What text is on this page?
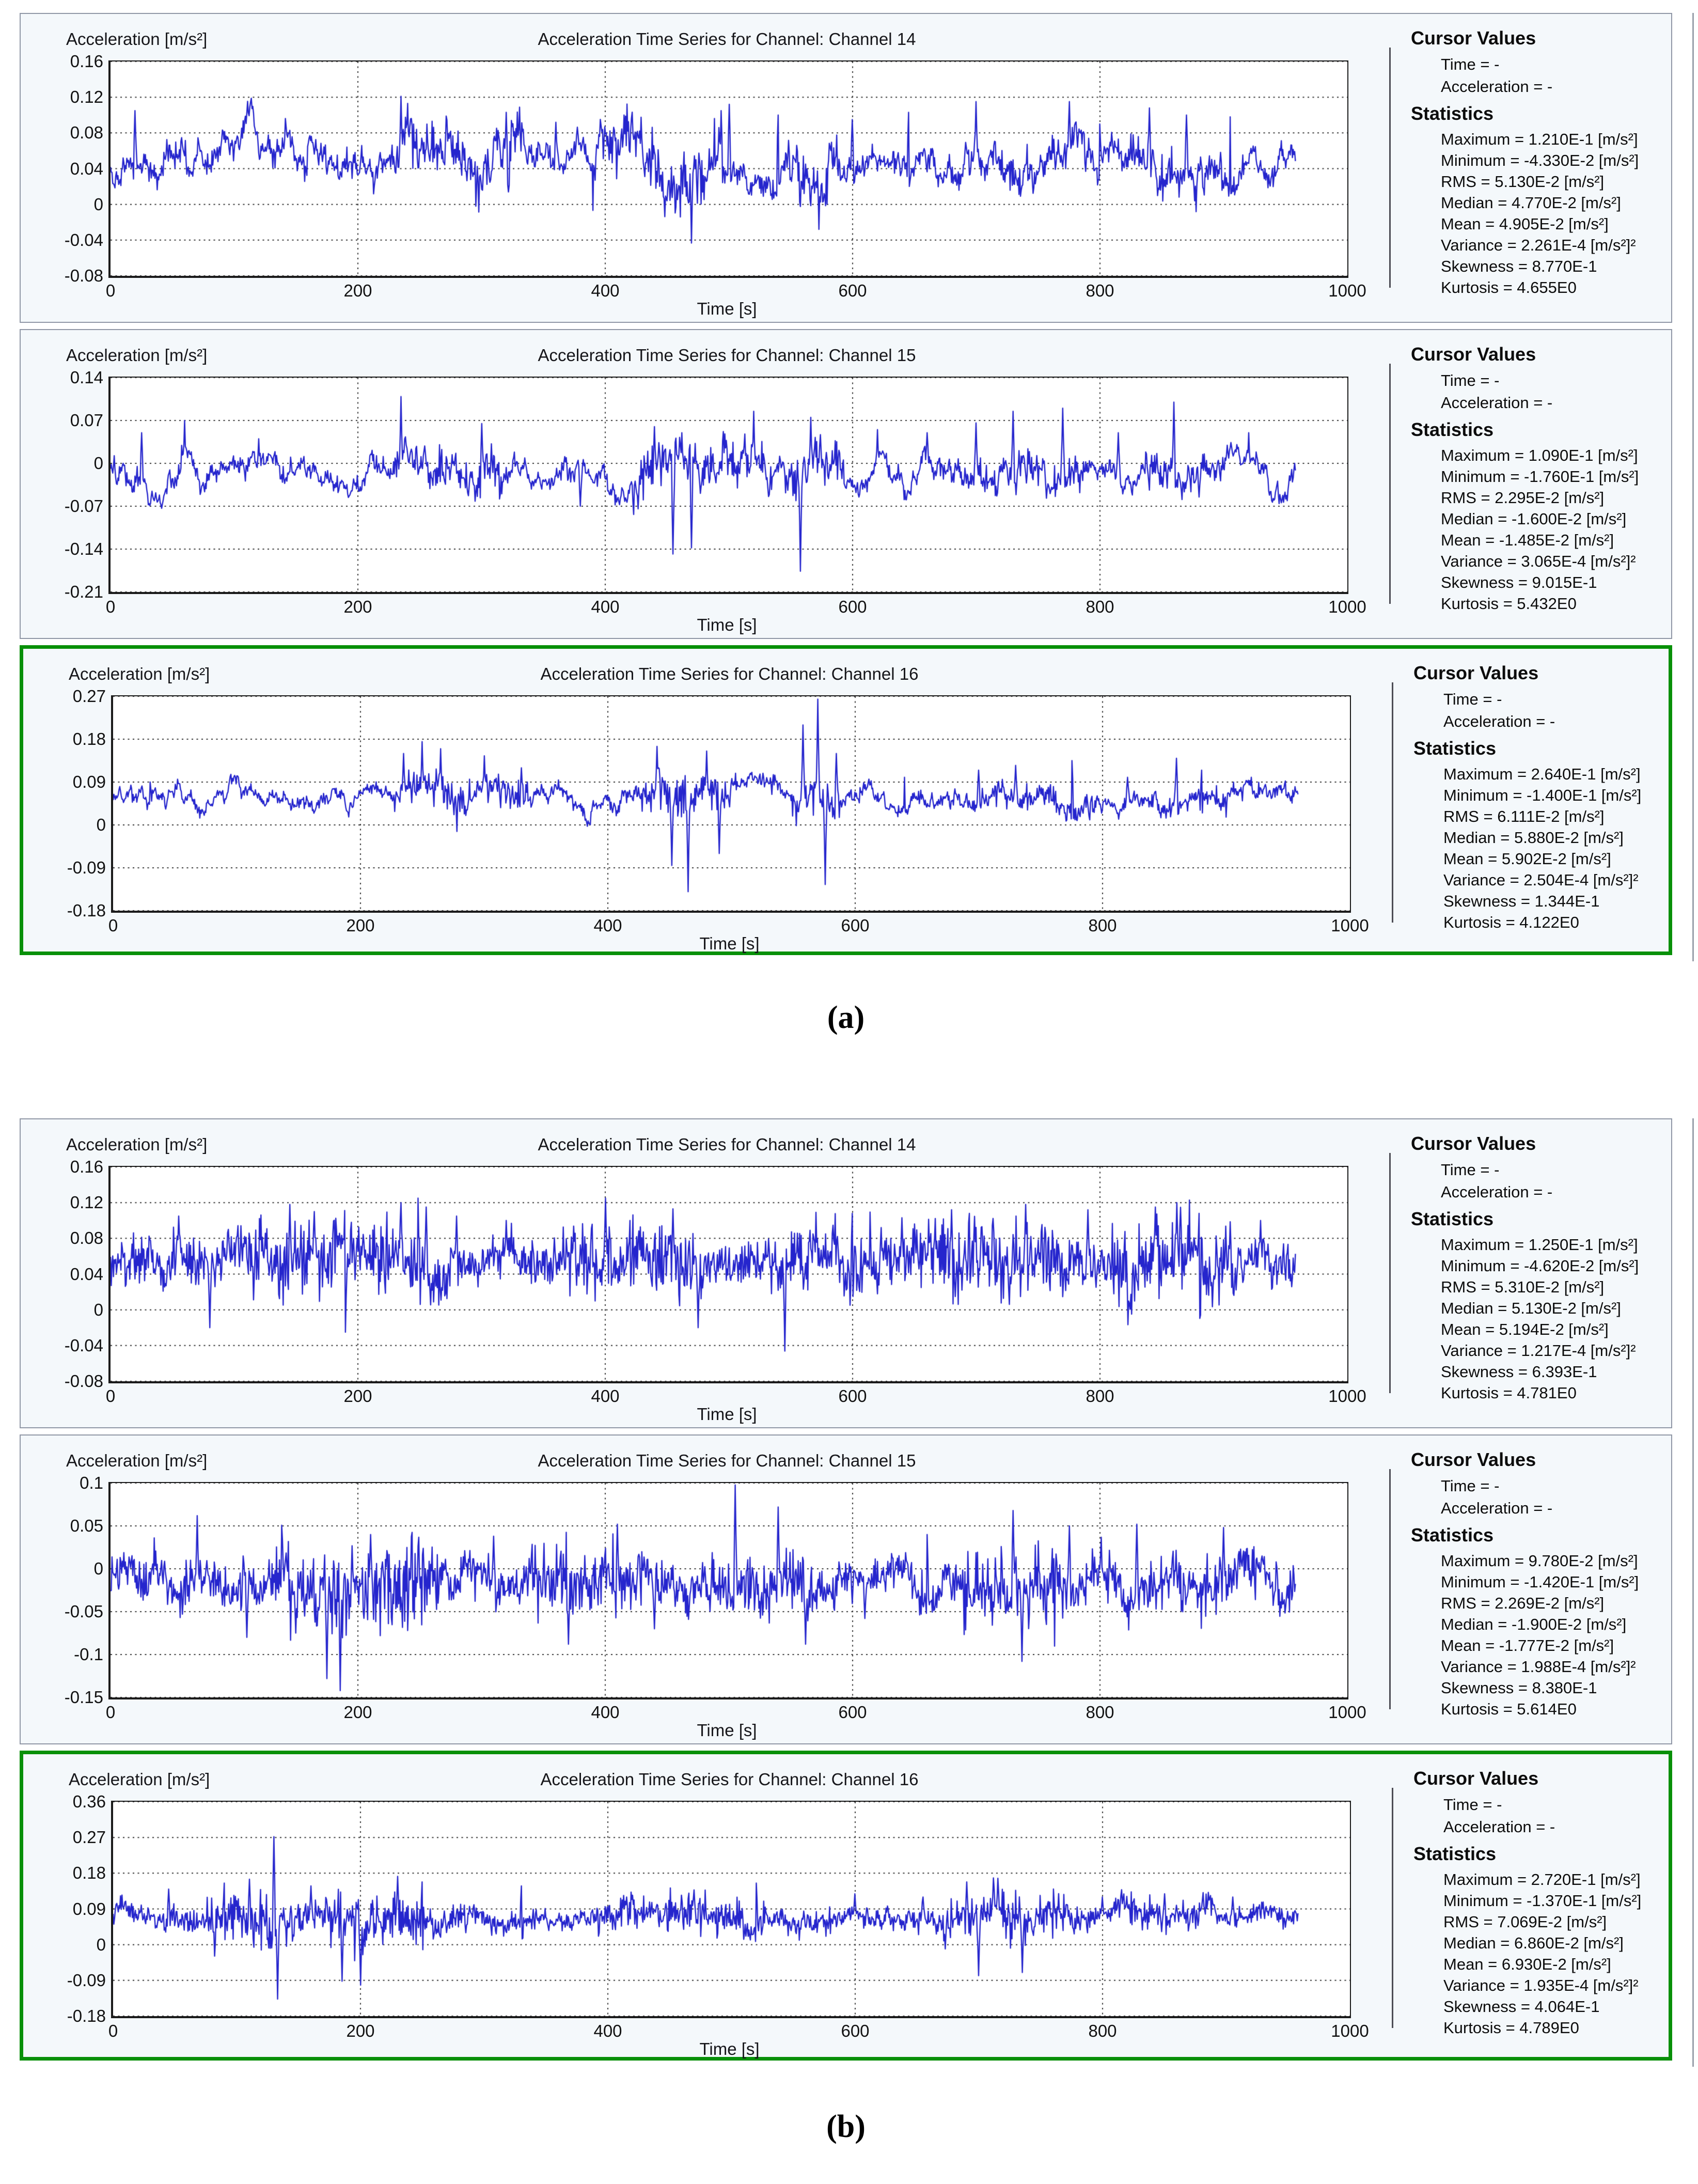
Acceleration [m/s²]	Acceleration Time Series for Channel: Channel 14
0.16
0.12
0.08
0.04
0
-0.04
-0.08
0	200	400	600	800	1000
Time [s]
Cursor Values
Time = -
Acceleration = -
Statistics
Maximum = 1.210E-1 [m/s²]
Minimum = -4.330E-2 [m/s²]
RMS = 5.130E-2 [m/s²]
Median = 4.770E-2 [m/s²]
Mean = 4.905E-2 [m/s²]
Variance = 2.261E-4 [m/s²]²
Skewness = 8.770E-1
Kurtosis = 4.655E0
Acceleration [m/s²]	Acceleration Time Series for Channel: Channel 15
0.14
0.07
0
-0.07
-0.14
-0.21
0	200	400	600	800	1000
Time [s]
Cursor Values
Time = -
Acceleration = -
Statistics
Maximum = 1.090E-1 [m/s²]
Minimum = -1.760E-1 [m/s²]
RMS = 2.295E-2 [m/s²]
Median = -1.600E-2 [m/s²]
Mean = -1.485E-2 [m/s²]
Variance = 3.065E-4 [m/s²]²
Skewness = 9.015E-1
Kurtosis = 5.432E0
Acceleration [m/s²]	Acceleration Time Series for Channel: Channel 16
0.27
0.18
0.09
0
-0.09
-0.18
0	200	400	600	800	1000
Time [s]
Cursor Values
Time = -
Acceleration = -
Statistics
Maximum = 2.640E-1 [m/s²]
Minimum = -1.400E-1 [m/s²]
RMS = 6.111E-2 [m/s²]
Median = 5.880E-2 [m/s²]
Mean = 5.902E-2 [m/s²]
Variance = 2.504E-4 [m/s²]²
Skewness = 1.344E-1
Kurtosis = 4.122E0
(a)
Acceleration [m/s²]	Acceleration Time Series for Channel: Channel 14
0.16
0.12
0.08
0.04
0
-0.04
-0.08
0	200	400	600	800	1000
Time [s]
Cursor Values
Time = -
Acceleration = -
Statistics
Maximum = 1.250E-1 [m/s²]
Minimum = -4.620E-2 [m/s²]
RMS = 5.310E-2 [m/s²]
Median = 5.130E-2 [m/s²]
Mean = 5.194E-2 [m/s²]
Variance = 1.217E-4 [m/s²]²
Skewness = 6.393E-1
Kurtosis = 4.781E0
Acceleration [m/s²]	Acceleration Time Series for Channel: Channel 15
0.1
0.05
0
-0.05
-0.1
-0.15
0	200	400	600	800	1000
Time [s]
Cursor Values
Time = -
Acceleration = -
Statistics
Maximum = 9.780E-2 [m/s²]
Minimum = -1.420E-1 [m/s²]
RMS = 2.269E-2 [m/s²]
Median = -1.900E-2 [m/s²]
Mean = -1.777E-2 [m/s²]
Variance = 1.988E-4 [m/s²]²
Skewness = 8.380E-1
Kurtosis = 5.614E0
Acceleration [m/s²]	Acceleration Time Series for Channel: Channel 16
0.36
0.27
0.18
0.09
0
-0.09
-0.18
0	200	400	600	800	1000
Time [s]
Cursor Values
Time = -
Acceleration = -
Statistics
Maximum = 2.720E-1 [m/s²]
Minimum = -1.370E-1 [m/s²]
RMS = 7.069E-2 [m/s²]
Median = 6.860E-2 [m/s²]
Mean = 6.930E-2 [m/s²]
Variance = 1.935E-4 [m/s²]²
Skewness = 4.064E-1
Kurtosis = 4.789E0
(b)
